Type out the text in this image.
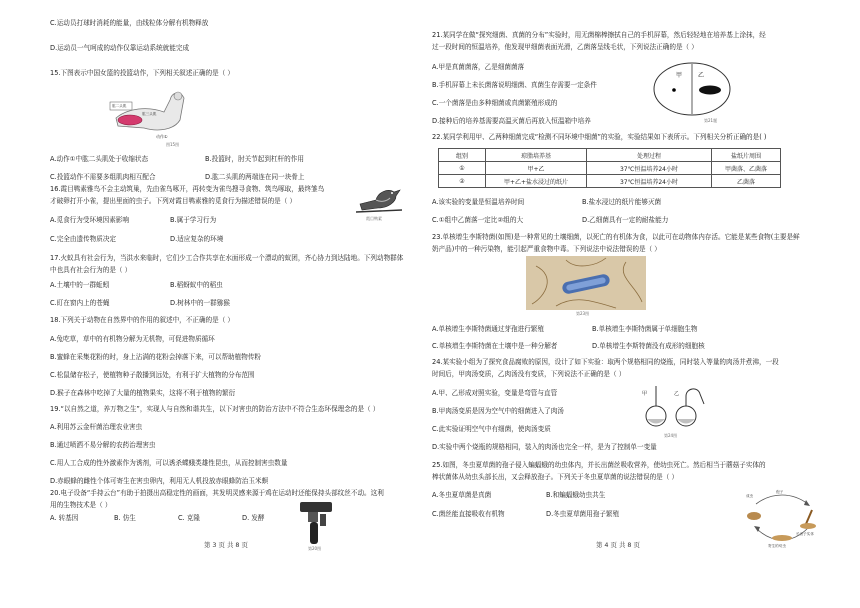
C.运动员打球时消耗的能量，由线粒体分解有机物释放
D.运动员一气呵成的动作仅靠运动系统就能完成
15.下图表示中国女篮的投篮动作，下列相关叙述正确的是（ ）
肱二头肌
肱三头肌
动作①
图15图
A.动作①中肱二头肌处于收缩状态	B.投篮时，肘关节起到杠杆的作用
C.投篮动作不需要多组肌肉相互配合	D.肱二头肌的两端连在同一块骨上
16.霞目鸭素雅鸟不会主动筑巢，先由雀鸟啄开，再转变为雀鸟搜寻食物、筑鸟啄取，最终雏鸟
才破卵打开小雀，提出里面的虫子。下列对霞目鸭素雅的觅食行为描述错误的是（ ）
霞目鸭素
A.觅食行为受环境因素影响	B.属于学习行为
C.完全由遗传物质决定	D.适应复杂的环境
17.火蚁具有社会行为，当洪水来临时，它们少工合作共享在水面形成一个漂动的蚁团，齐心协力到达陆地。下列动物群体
中也具有社会行为的是（ ）
A.土壤中的一群蚯蚓	B.稻蚜蚁中的稻虫
C.盯在窗内上的苍蝇	D.树林中的一群猕猴
18.下列关于动物在自然界中的作用的叙述中，不正确的是（ ）
A.兔吃草，草中的有机物分解为无机物，可促进物质循环
B.蜜蜂在采集花粉的时，身上沾满的花粉会掉落下来，可以帮助植物传粉
C.松鼠储存松子，使植物种子散播到远处，有利于扩大植物的分布范围
D.猴子在森林中吃掉了大量的植物果实，这将不利于植物的繁衍
19.“以自然之道，养万物之生”，实现人与自然和谐共生，以下对害虫的防治方法中不符合生态环保理念的是（ ）
A.利用苏云金杆菌治理农业害虫
B.通过喷洒不易分解的农药治理害虫
C.用人工合成的性外激素作为诱剂，可以诱杀蝶蛾类雄性昆虫，从而控制害虫数量
D.赤眼蜂的雌性个体可寄生在害虫卵内，利用无人机投放赤眼蜂防治玉米螟
20.电子设备“手持云台”有助于拍摄出高稳定性的画面，其发明灵感来源于鸡在运动时还能保持头部纹丝不动。这利
用的生物技术是（ ）
A. 转基因	B. 仿生	C. 克隆	D. 发酵
第20图
第 3 页 共 8 页
21.某同学在做“探究细菌、真菌的分布”实验时，用无菌棉棒擦拭自己的手机屏幕，然后轻轻地在培养基上涂抹，经
过一段时间的恒温培养，他发现甲细菌表面光滑，乙菌落呈线毛状，下列说法正确的是（ ）
A.甲是真菌菌落，乙是细菌菌落
B.手机屏幕上未长菌落说明细菌、真菌生存需要一定条件
C.一个菌落是由多种细菌或真菌繁殖形成的
D.接种后的培养基需要高温灭菌后再放入恒温箱中培养
甲	乙
第21题
22.某同学利用甲、乙两种细菌完成“检测不同环境中细菌”的实验，实验结果如下表所示。下列相关分析正确的是( )
组别	琼脂培养基	处理过程	盐纸片周围
①	甲+乙	37℃恒温培养24小时	甲菌落、乙菌落
②	甲+乙+盐水浸过的纸片	37℃恒温培养24小时	乙菌落
A.该实验的变量是恒温培养时间	B.盐水浸过的纸片能够灭菌
C.①组中乙菌落一定比②组的大	D.乙细菌具有一定的耐盐能力
23.单核增生李斯特菌(如图)是一种常见的土壤细菌，以死亡的有机体为食，以此可在动物体内存活。它能是某些食物(主要是鲜
奶产品)中的一种污染物，能引起严重食物中毒。下列说法中说法错误的是（ ）
第23图
A.单核增生李斯特菌通过芽孢进行繁殖	B.单核增生李斯特菌属于单细胞生物
C.单核增生李斯特菌在土壤中是一种分解者	D.单核增生李斯特菌没有成形的细胞核
24.某实验小组为了探究食品腐败的原因，设计了如下实验：取两个规格相同的烧瓶，同时装入等量的肉汤并煮沸，一段
时间后，甲肉汤变质，乙肉汤没有变质，下列说法不正确的是（ ）
A.甲、乙形成对照实验，变量是弯管与直管
B.甲肉汤变质是因为空气中的细菌进入了肉汤
C.此实验证明空气中有细菌，使肉汤变质
D.实验中两个烧瓶的规格相同，装入的肉汤也完全一样，是为了控制单一变量
甲	乙
第24图
25.如图，冬虫夏草菌的孢子侵入蝙蝠蛾的幼虫体内，并长出菌丝吸收营养，使幼虫死亡。然后相当于蘑菇子实体的
棒状菌体从幼虫头部长出，又会释放孢子。下列关于冬虫夏草菌的说法错误的是（ ）
A.冬虫夏草菌是真菌	B.和蝙蝠蛾幼虫共生
C.菌丝能直接吸收有机物	D.冬虫夏草菌用孢子繁殖
成虫
孢子
寄生的幼虫
长出子实体
第 4 页 共 8 页
